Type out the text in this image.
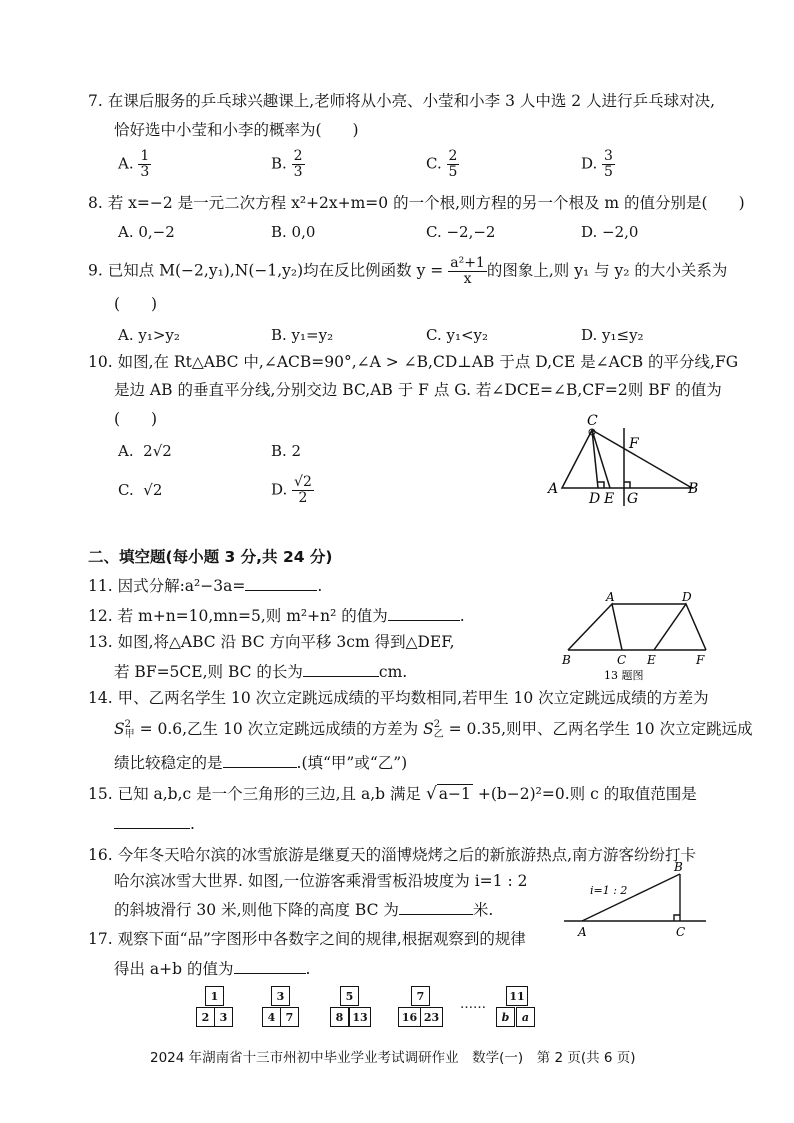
7. 在课后服务的乒乓球兴趣课上,老师将从小亮、小莹和小李 3 人中选 2 人进行乒乓球对决,
恰好选中小莹和小李的概率为(　　)
A. $\frac{1}{3}$	B. $\frac{2}{3}$	C. $\frac{2}{5}$	D. $\frac{3}{5}$
8. 若 x=−2 是一元二次方程 x²+2x+m=0 的一个根,则方程的另一个根及 m 的值分别是(　　)
A. 0,−2	B. 0,0	C. −2,−2	D. −2,0
9. 已知点 M(−2,y₁),N(−1,y₂)均在反比例函数 $y = \frac{\text{a²+1}}{x}$ 的图象上,则 y₁ 与 y₂ 的大小关系为
(　　)
A. y₁>y₂	B. y₁=y₂	C. y₁<y₂	D. y₁≤y₂
10. 如图,在 Rt△ABC 中,∠ACB=90°,∠A > ∠B,CD⊥AB 于点 D,CE 是∠ACB 的平分线,FG
是边 AB 的垂直平分线,分别交边 BC,AB 于 F 点 G. 若∠DCE=∠B,CF=2则 BF 的值为
(　　)
A. 2√2	B. 2
C. √2	D. $\frac{√2}{2}$
C
F
A
D E G
B
二、填空题(每小题 3 分,共 24 分)
11. 因式分解:a²−3a=	.
12. 若 m+n=10,mn=5,则 m²+n² 的值为	.
13. 如图,将△ABC 沿 BC 方向平移 3cm 得到△DEF,
若 BF=5CE,则 BC 的长为	cm.
A	D
B	C E	F
13 题图
14. 甲、乙两名学生 10 次立定跳远成绩的平均数相同,若甲生 10 次立定跳远成绩的方差为
S 2
甲 = 0.6,乙生 10 次立定跳远成绩的方差为 S 2
乙 = 0.35,则甲、乙两名学生 10 次立定跳远成
绩比较稳定的是	.(填“甲”或“乙”)
15. 已知 a,b,c 是一个三角形的三边,且 a,b 满足 √ a−1 +(b−2)²=0.则 c 的取值范围是
.
16. 今年冬天哈尔滨的冰雪旅游是继夏天的淄博烧烤之后的新旅游热点,南方游客纷纷打卡
哈尔滨冰雪大世界. 如图,一位游客乘滑雪板沿坡度为 i=1 : 2
的斜坡滑行 30 米,则他下降的高度 BC 为	米.
i=1 : 2
B
A	C
17. 观察下面“品”字图形中各数字之间的规律,根据观察到的规律
得出 a+b 的值为	.
1
2 3
3
4 7
5
8 13
7
16 23
……
11
b	a
2024 年湖南省十三市州初中毕业学业考试调研作业　数学(一)　第 2 页(共 6 页)
